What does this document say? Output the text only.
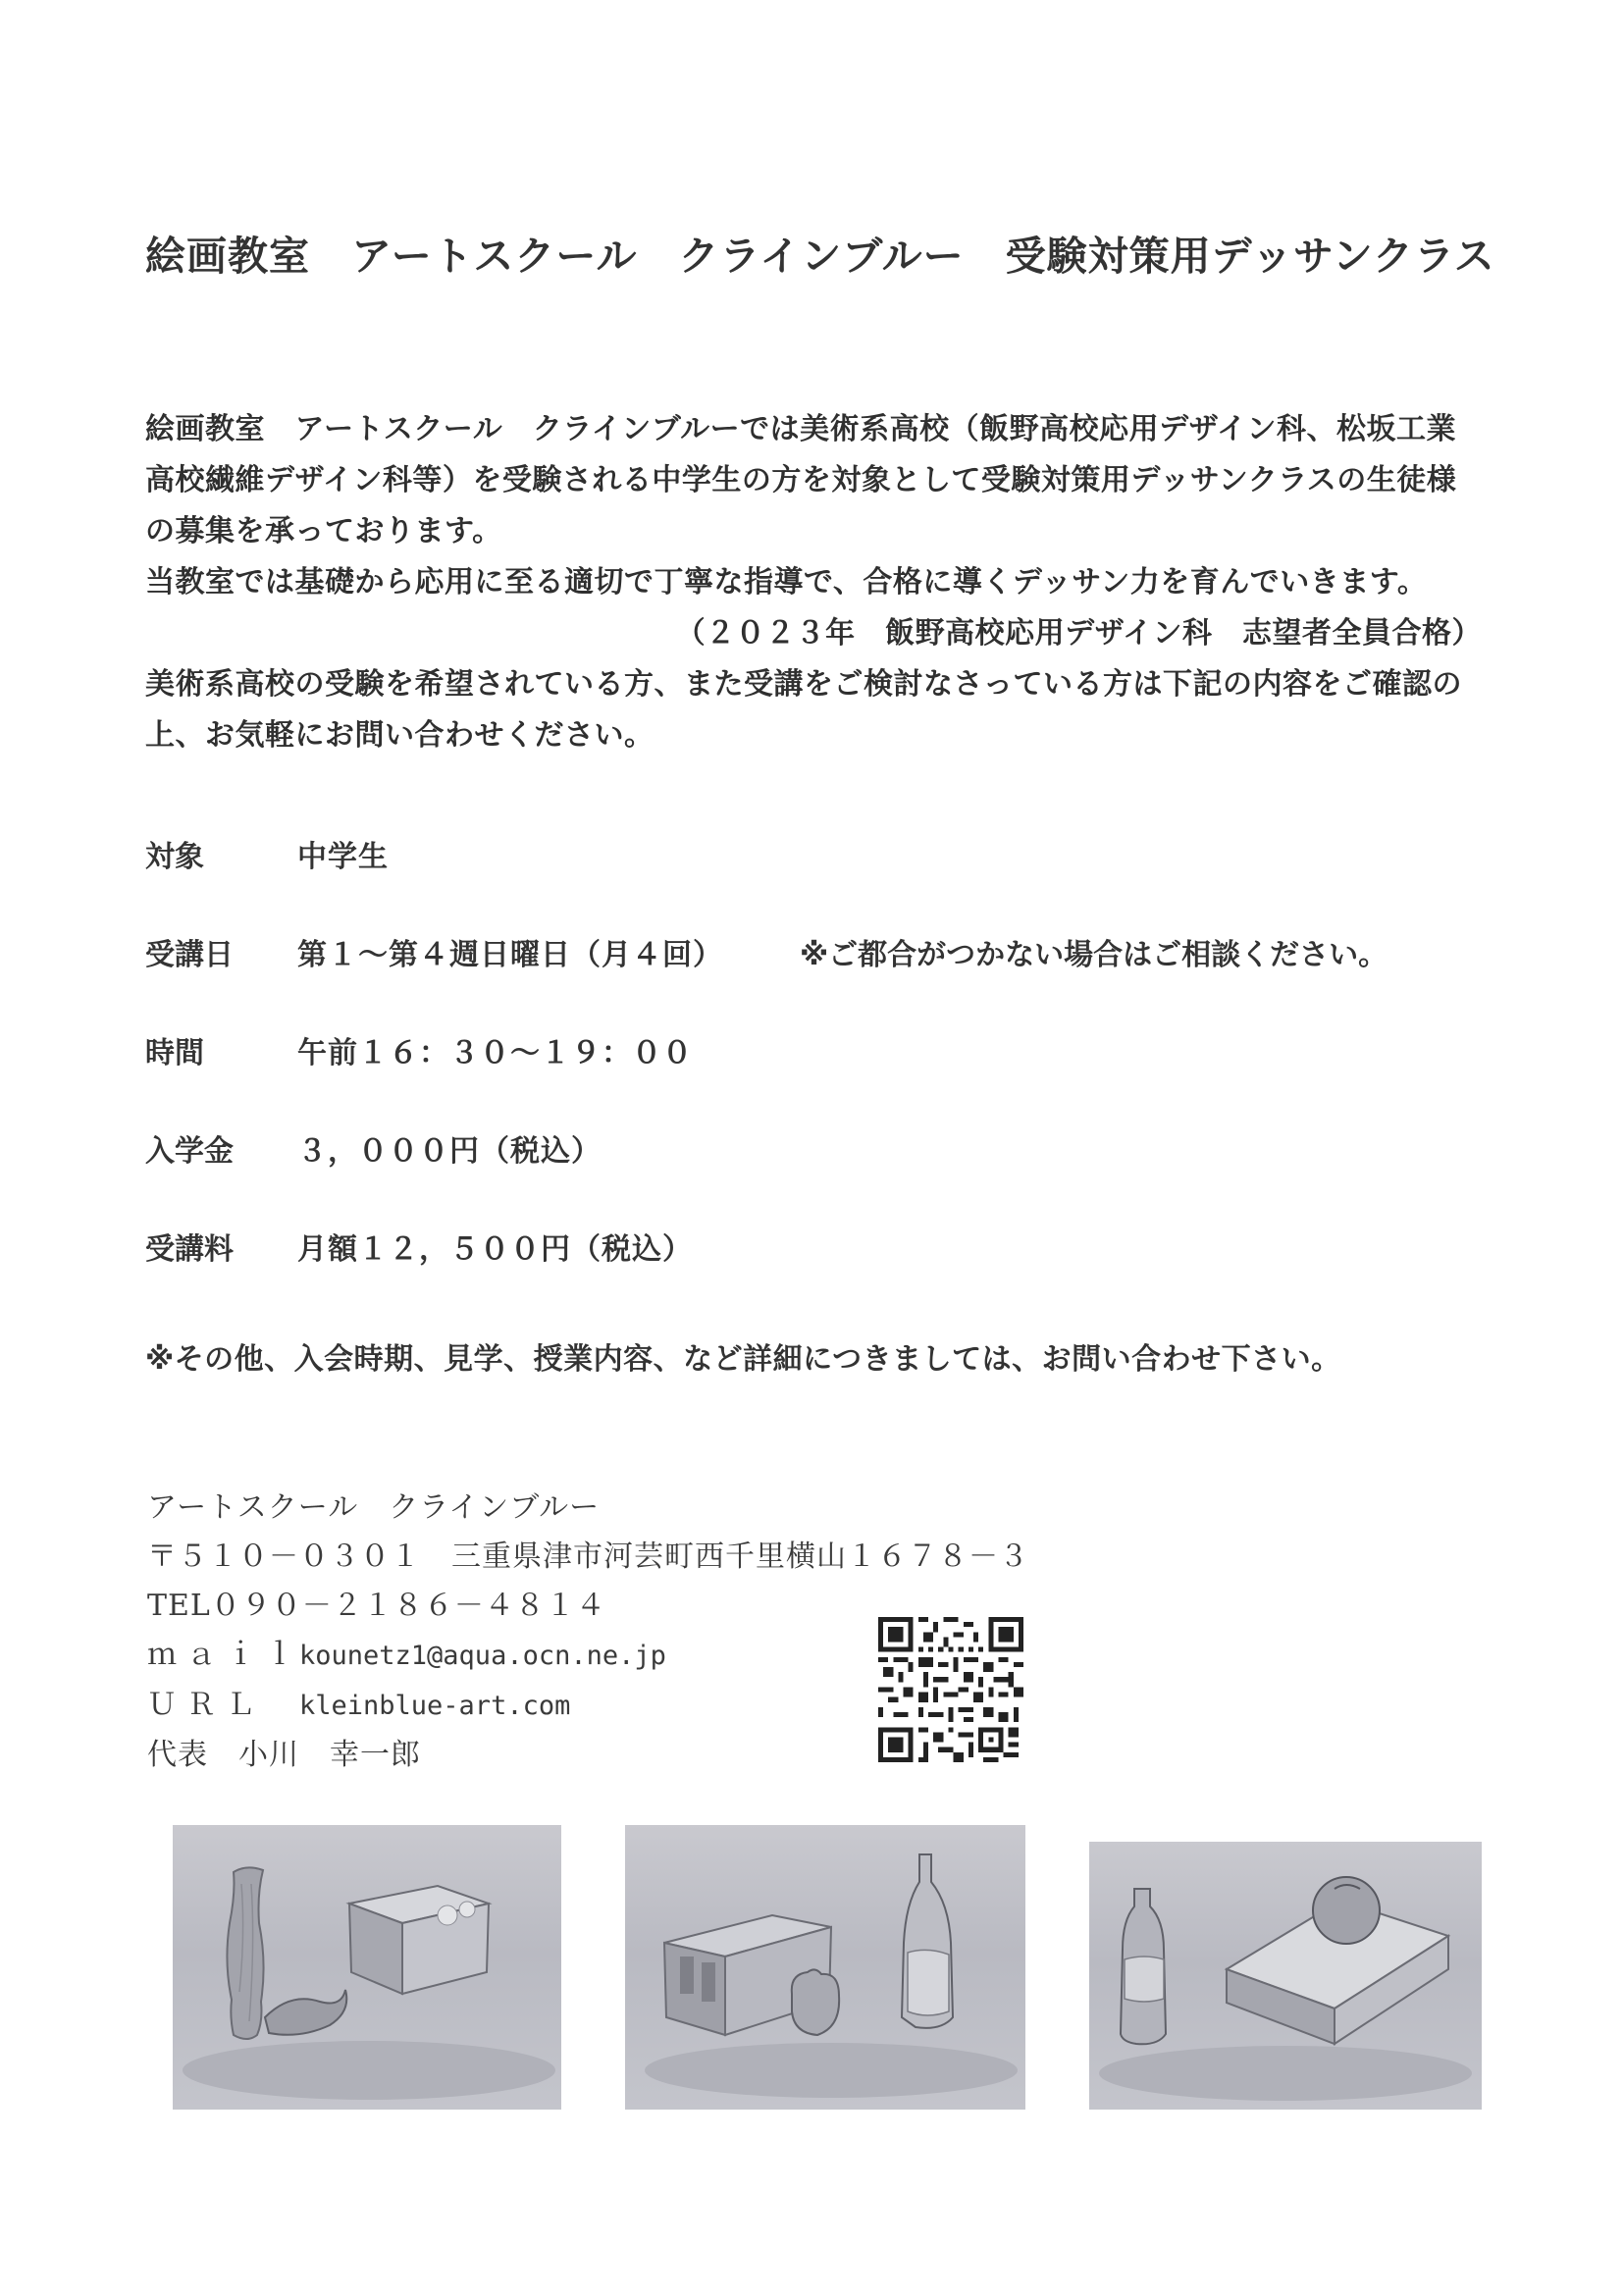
絵画教室　アートスクール　クラインブルー　受験対策用デッサンクラス

絵画教室　アートスクール　クラインブルーでは美術系高校（飯野高校応用デザイン科、松坂工業

高校繊維デザイン科等）を受験される中学生の方を対象として受験対策用デッサンクラスの生徒様

の募集を承っております。

当教室では基礎から応用に至る適切で丁寧な指導で、合格に導くデッサン力を育んでいきます。

（２０２３年　飯野高校応用デザイン科　志望者全員合格）

美術系高校の受験を希望されている方、また受講をご検討なさっている方は下記の内容をご確認の

上、お気軽にお問い合わせください。

対象	中学生
受講日	第１～第４週日曜日（月４回）	※ご都合がつかない場合はご相談ください。
時間	午前１６：３０～１９：００
入学金	３，０００円（税込）
受講料	月額１２，５００円（税込）
※その他、入会時期、見学、授業内容、など詳細につきましては、お問い合わせ下さい。
アートスクール　クラインブルー
〒５１０－０３０１　三重県津市河芸町西千里横山１６７８－３
TEL０９０－２１８６－４８１４
ｍａｉｌkounetz1@aqua.ocn.ne.jp
ＵＲＬ kleinblue-art.com
代表　小川　幸一郎
